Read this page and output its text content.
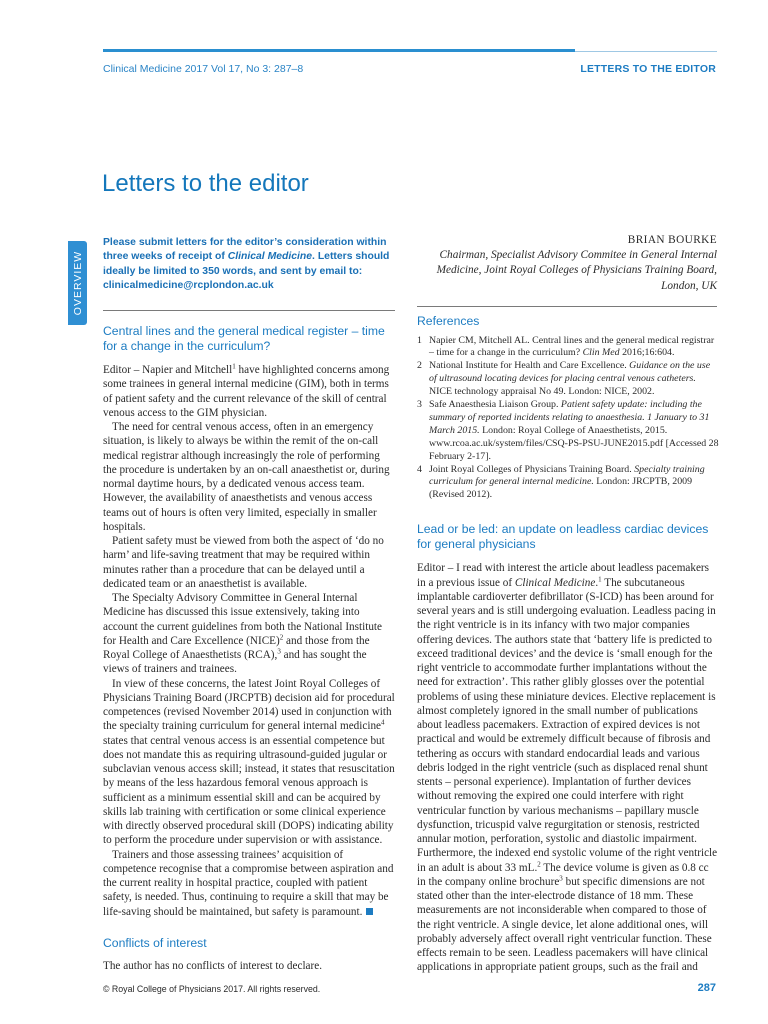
Clinical Medicine 2017 Vol 17, No 3: 287–8	LETTERS TO THE EDITOR
Letters to the editor
OVERVIEW

Please submit letters for the editor’s consideration within three weeks of receipt of Clinical Medicine. Letters should ideally be limited to 350 words, and sent by email to: clinicalmedicine@rcplondon.ac.uk

BRIAN BOURKE
Chairman, Specialist Advisory Commitee in General Internal Medicine, Joint Royal Colleges of Physicians Training Board, London, UK
Central lines and the general medical register – time for a change in the curriculum?

Editor – Napier and Mitchell$^1$ have highlighted concerns among some trainees in general internal medicine (GIM), both in terms of patient safety and the current relevance of the skill of central venous access to the GIM physician.

The need for central venous access, often in an emergency situation, is likely to always be within the remit of the on-call medical registrar although increasingly the role of performing the procedure is undertaken by an on-call anaesthetist or, during normal daytime hours, by a dedicated venous access team. However, the availability of anaesthetists and venous access teams out of hours is often very limited, especially in smaller hospitals.

Patient safety must be viewed from both the aspect of ‘do no harm’ and life-saving treatment that may be required within minutes rather than a procedure that can be delayed until a dedicated team or an anaesthetist is available.

The Specialty Advisory Committee in General Internal Medicine has discussed this issue extensively, taking into account the current guidelines from both the National Institute for Health and Care Excellence (NICE)$^2$ and those from the Royal College of Anaesthetists (RCA),$^3$ and has sought the views of trainers and trainees.

In view of these concerns, the latest Joint Royal Colleges of Physicians Training Board (JRCPTB) decision aid for procedural competences (revised November 2014) used in conjunction with the specialty training curriculum for general internal medicine$^4$ states that central venous access is an essential competence but does not mandate this as requiring ultrasound-guided jugular or subclavian venous access skill; instead, it states that resuscitation by means of the less hazardous femoral venous approach is sufficient as a minimum essential skill and can be acquired by skills lab training with certification or some clinical experience with directly observed procedural skill (DOPS) indicating ability to perform the procedure under supervision or with assistance.

Trainers and those assessing trainees’ acquisition of competence recognise that a compromise between aspiration and the current reality in hospital practice, coupled with patient safety, is needed. Thus, continuing to require a skill that may be life-saving should be maintained, but safety is paramount.

Conflicts of interest

The author has no conflicts of interest to declare.

References
1 Napier CM, Mitchell AL. Central lines and the general medical registrar – time for a change in the curriculum? Clin Med 2016;16:604.
2 National Institute for Health and Care Excellence. Guidance on the use of ultrasound locating devices for placing central venous catheters. NICE technology appraisal No 49. London: NICE, 2002.
3 Safe Anaesthesia Liaison Group. Patient safety update: including the summary of reported incidents relating to anaesthesia. 1 January to 31 March 2015. London: Royal College of Anaesthetists, 2015. www.rcoa.ac.uk/system/files/CSQ-PS-PSU-JUNE2015.pdf [Accessed 28 February 2-17].
4 Joint Royal Colleges of Physicians Training Board. Specialty training curriculum for general internal medicine. London: JRCPTB, 2009 (Revised 2012).
Lead or be led: an update on leadless cardiac devices for general physicians

Editor – I read with interest the article about leadless pacemakers in a previous issue of Clinical Medicine.$^1$ The subcutaneous implantable cardioverter defibrillator (S-ICD) has been around for several years and is still undergoing evaluation. Leadless pacing in the right ventricle is in its infancy with two major companies offering devices. The authors state that ‘battery life is predicted to exceed traditional devices’ and the device is ‘small enough for the right ventricle to accommodate further implantations without the need for extraction’. This rather glibly glosses over the potential problems of using these miniature devices. Elective replacement is almost completely ignored in the small number of publications about leadless pacemakers. Extraction of expired devices is not practical and would be extremely difficult because of fibrosis and tethering as occurs with standard endocardial leads and various debris lodged in the right ventricle (such as displaced renal shunt stents – personal experience). Implantation of further devices without removing the expired one could interfere with right ventricular function by various mechanisms – papillary muscle dysfunction, tricuspid valve regurgitation or stenosis, restricted annular motion, perforation, systolic and diastolic impairment. Furthermore, the indexed end systolic volume of the right ventricle in an adult is about 33 mL.$^2$ The device volume is given as 0.8 cc in the company online brochure$^3$ but specific dimensions are not stated other than the inter-electrode distance of 18 mm. These measurements are not inconsiderable when compared to those of the right ventricle. A single device, let alone additional ones, will probably adversely affect overall right ventricular function. These effects remain to be seen. Leadless pacemakers will have clinical applications in appropriate patient groups, such as the frail and

© Royal College of Physicians 2017. All rights reserved.	287
